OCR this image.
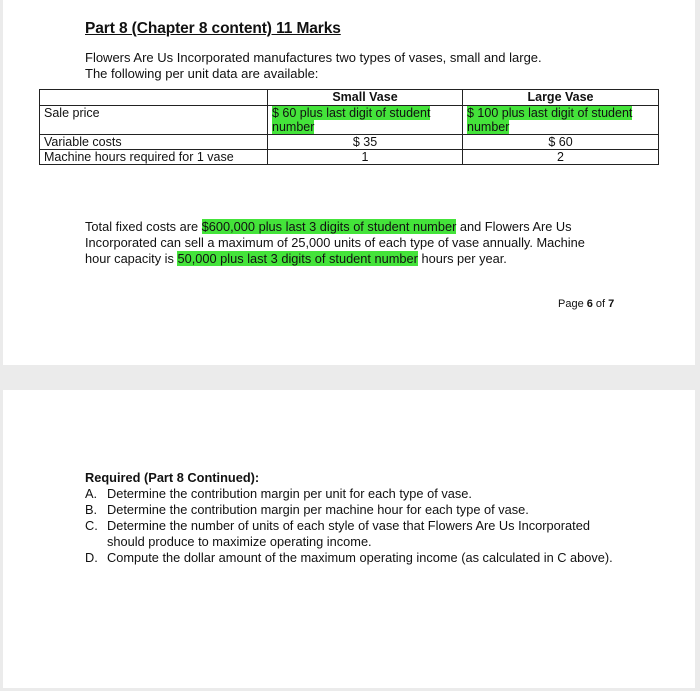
Part 8 (Chapter 8 content) 11 Marks
Flowers Are Us Incorporated manufactures two types of vases, small and large.
The following per unit data are available:
	Small Vase	Large Vase
Sale price	$ 60 plus last digit of student number	$ 100 plus last digit of student number
Variable costs	$ 35	$ 60
Machine hours required for 1 vase	1	2
Total fixed costs are $600,000 plus last 3 digits of student number and Flowers Are Us Incorporated can sell a maximum of 25,000 units of each type of vase annually. Machine hour capacity is 50,000 plus last 3 digits of student number hours per year.
Page 6 of 7
Required (Part 8 Continued):
A. Determine the contribution margin per unit for each type of vase.
B. Determine the contribution margin per machine hour for each type of vase.
C. Determine the number of units of each style of vase that Flowers Are Us Incorporated should produce to maximize operating income.
D. Compute the dollar amount of the maximum operating income (as calculated in C above).
